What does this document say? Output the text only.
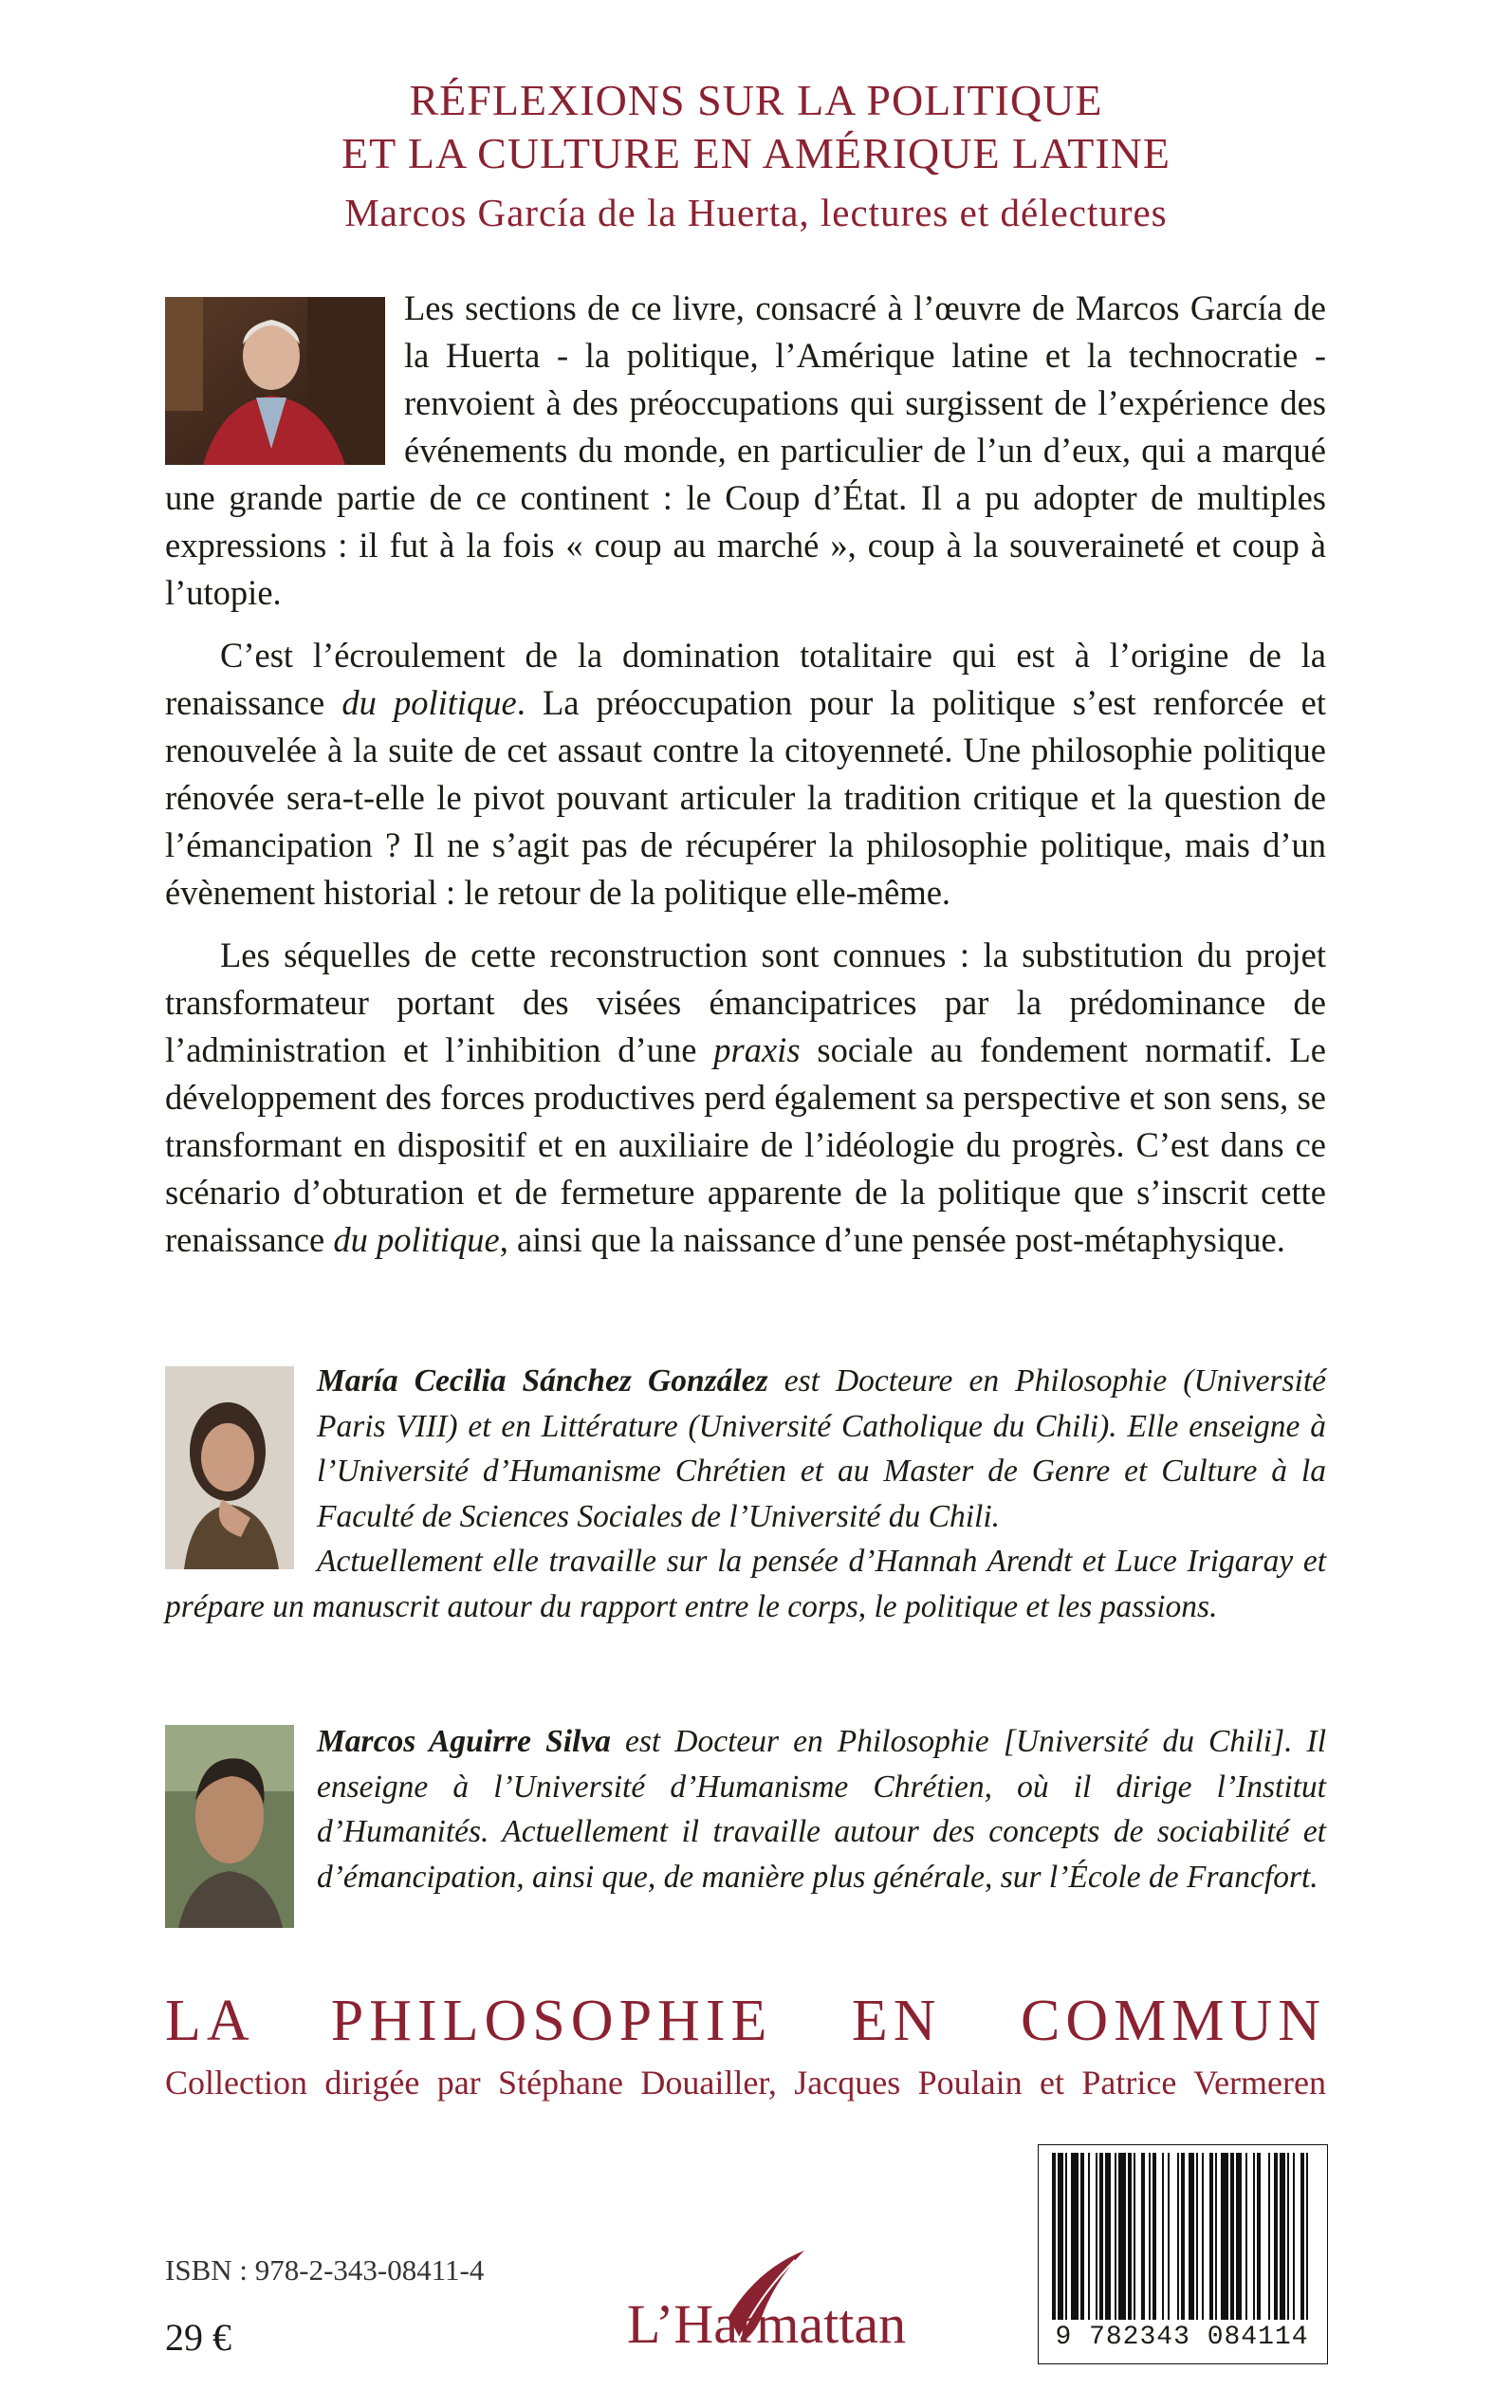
RÉFLEXIONS SUR LA POLITIQUE
ET LA CULTURE EN AMÉRIQUE LATINE
Marcos García de la Huerta, lectures et délectures

Les sections de ce livre, consacré à l’œuvre de Marcos García de la Huerta - la politique, l’Amérique latine et la technocratie - renvoient à des préoccupations qui surgissent de l’expérience des événements du monde, en particulier de l’un d’eux, qui a marqué une grande partie de ce continent : le Coup d’État. Il a pu adopter de multiples expressions : il fut à la fois « coup au marché », coup à la souveraineté et coup à l’utopie.

C’est l’écroulement de la domination totalitaire qui est à l’origine de la renaissance du politique. La préoccupation pour la politique s’est renforcée et renouvelée à la suite de cet assaut contre la citoyenneté. Une philosophie politique rénovée sera-t-elle le pivot pouvant articuler la tradition critique et la question de l’émancipation ? Il ne s’agit pas de récupérer la philosophie politique, mais d’un évènement historial : le retour de la politique elle-même.

Les séquelles de cette reconstruction sont connues : la substitution du projet transformateur portant des visées émancipatrices par la prédominance de l’administration et l’inhibition d’une praxis sociale au fondement normatif. Le développement des forces productives perd également sa perspective et son sens, se transformant en dispositif et en auxiliaire de l’idéologie du progrès. C’est dans ce scénario d’obturation et de fermeture apparente de la politique que s’inscrit cette renaissance du politique, ainsi que la naissance d’une pensée post-métaphysique.

María Cecilia Sánchez González est Docteure en Philosophie (Université Paris VIII) et en Littérature (Université Catholique du Chili). Elle enseigne à l’Université d’Humanisme Chrétien et au Master de Genre et Culture à la Faculté de Sciences Sociales de l’Université du Chili.
Actuellement elle travaille sur la pensée d’Hannah Arendt et Luce Irigaray et prépare un manuscrit autour du rapport entre le corps, le politique et les passions.
Marcos Aguirre Silva est Docteur en Philosophie [Université du Chili]. Il enseigne à l’Université d’Humanisme Chrétien, où il dirige l’Institut d’Humanités. Actuellement il travaille autour des concepts de sociabilité et d’émancipation, ainsi que, de manière plus générale, sur l’École de Francfort.
LA PHILOSOPHIE EN COMMUN
Collection dirigée par Stéphane Douailler, Jacques Poulain et Patrice Vermeren
ISBN : 978-2-343-08411-4
29 €	L’Harmattan	9 782343 084114
